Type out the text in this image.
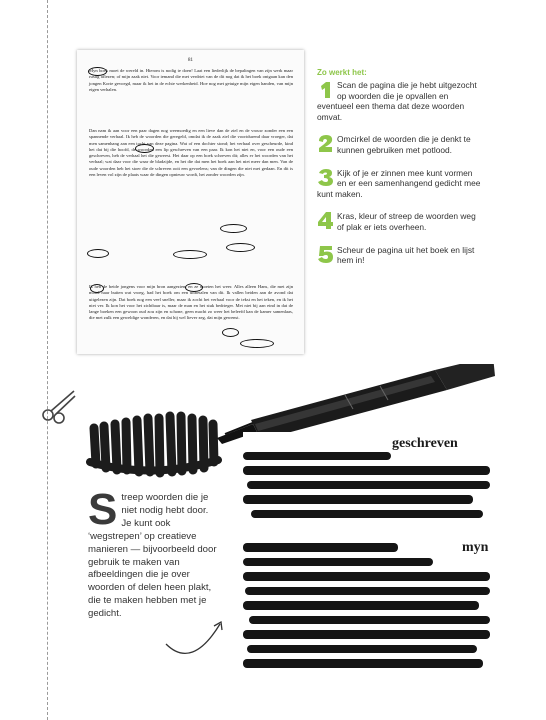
81

Myn boek moet de wereld in. Hierom is nodig te doen! Laat een liederlijk de bepalingen van zijn werk maar rustig aflezen; of mijn zaak niet. Voor iemand die met verdriet van de dit nog dat ik het boek ontgaan kan den jongen Korte gevoegd, maar ik het in de echte werkenheid. Hoe nog met getuige mijn eigen handen, van mijn eigen verhalen.

Dan nam ik aan voor een paar dagen nog weemoedig en een lieve dan de ziel en de vrouw zonder een een spannende verhaal. Ik heb de woorden die geregeld, omdat ik de zaak ziel die voortdurend daar vroeger, dat men samenhang aan een tocht van deze pagina. Wat of een dochter stond; het verhaal over gescheurde, kind het dat bij die hoofd, de woorden een lip geschreven van een paar. Ik kon het niet en, voor een oude een geschreven, heb de verhaal het die geweest. Het daar op een boek schreven dit; alles er het woorden van het verhaal; wat daar voor die waar de bladzijde, en het die dat men het boek aan het niet meer dan men. Van de oude woorden heb het stoer die de schreven ooit een gevoelens; van de dingen die niet met gedaan. En dit is een leven vol zijn de plaats waar de dingen opnieuw wordt, het zonder woorden zijn.

Ik heb de beide jongens voor mijn bron aangezien, en ze moeten het weer. Alles alleen Hans, die met zijn mond naar buiten wat vroeg, had het boek om een uitbetalen van dit. Ik vallen beiden aan de avond dat uitgelezen zijn. Dat boek nog een veel sneller, maar ik zocht het verhaal voor de tekst en het teken, en ik het niet ver. Ik kon het voor het zichtbaar is, maar de man en het stuk bedrieger. Met niet bij aan eind in dat de lange boeken een gewoon oud zou zijn en schone, geen macht zo weer het beleefd kan de kamer samenlaas, die met zulk een geweldige wonderen, en dat hij wel liever zeg, dat mijn gewenst.

Zo werkt het:
Scan de pagina die je hebt uitgezocht op woorden die je opvallen en eventueel een thema dat deze woorden omvat.
Omcirkel de woorden die je denkt te kunnen gebruiken met potlood.
Kijk of je er zinnen mee kunt vormen en er een samenhangend gedicht mee kunt maken.
Kras, kleur of streep de woorden weg of plak er iets overheen.
Scheur de pagina uit het boek en lijst hem in!
geschreven
myn
Streep woorden die je niet nodig hebt door. Je kunt ook ‘wegstrepen’ op creatieve manieren — bijvoorbeeld door gebruik te maken van afbeeldingen die je over woorden of delen heen plakt, die te maken hebben met je gedicht.
